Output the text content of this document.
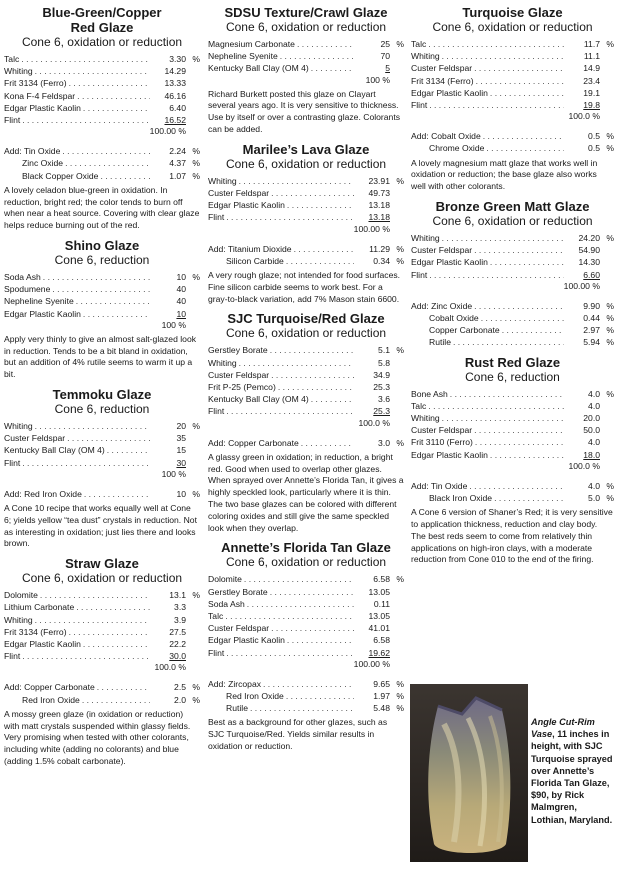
Blue-Green/Copper
Red Glaze
Cone 6, oxidation or reduction
Talc . . .	3.30 %
Whiting . . .	14.29
Frit 3134 (Ferro) . . .	13.33
Kona F-4 Feldspar . . .	46.16
Edgar Plastic Kaolin . . .	6.40
Flint . . .	16.52
100.00 %
Add: Tin Oxide . . .	2.24 %
Zinc Oxide . . .	4.37 %
Black Copper Oxide . . .	1.07 %
A lovely celadon blue-green in oxidation. In reduction, bright red; the color tends to burn off when near a heat source. Covering with clear glaze helps reduce burning out of the red.
Shino Glaze
Cone 6, reduction
Soda Ash . . .	10 %
Spodumene . . .	40
Nepheline Syenite . . .	40
Edgar Plastic Kaolin . . .	10
100 %
Apply very thinly to give an almost salt-glazed look in reduction. Tends to be a bit bland in oxidation, but an addition of 4% rutile seems to warm it up a bit.
Temmoku Glaze
Cone 6, reduction
Whiting . . .	20 %
Custer Feldspar . . .	35
Kentucky Ball Clay (OM 4) . . .	15
Flint . . .	30
100 %
Add: Red Iron Oxide . . .	10 %
A Cone 10 recipe that works equally well at Cone 6; yields yellow “tea dust” crystals in reduction. Not as interesting in oxidation; just lies there and looks brown.
Straw Glaze
Cone 6, oxidation or reduction
Dolomite . . .	13.1 %
Lithium Carbonate . . .	3.3
Whiting . . .	3.9
Frit 3134 (Ferro) . . .	27.5
Edgar Plastic Kaolin . . .	22.2
Flint . . .	30.0
100.0 %
Add: Copper Carbonate . . .	2.5 %
Red Iron Oxide . . .	2.0 %
A mossy green glaze (in oxidation or reduction) with matt crystals suspended within glassy fields. Very promising when tested with other colorants, including white (adding no colorants) and blue (adding 1.5% cobalt carbonate).
SDSU Texture/Crawl Glaze
Cone 6, oxidation or reduction
Magnesium Carbonate . . .	25 %
Nepheline Syenite . . .	70
Kentucky Ball Clay (OM 4) . . .	5
100 %
Richard Burkett posted this glaze on Clayart several years ago. It is very sensitive to thickness. Use by itself or over a contrasting glaze. Colorants can be added.
Marilee’s Lava Glaze
Cone 6, oxidation or reduction
Whiting . . .	23.91 %
Custer Feldspar . . .	49.73
Edgar Plastic Kaolin . . .	13.18
Flint . . .	13.18
100.00 %
Add: Titanium Dioxide . . .	11.29 %
Silicon Carbide . . .	0.34 %
A very rough glaze; not intended for food surfaces. Fine silicon carbide seems to work best. For a gray-to-black variation, add 7% Mason stain 6600.
SJC Turquoise/Red Glaze
Cone 6, oxidation or reduction
Gerstley Borate . . .	5.1 %
Whiting . . .	5.8
Custer Feldspar . . .	34.9
Frit P-25 (Pemco) . . .	25.3
Kentucky Ball Clay (OM 4) . . .	3.6
Flint . . .	25.3
100.0 %
Add: Copper Carbonate . . .	3.0 %
A glassy green in oxidation; in reduction, a bright red. Good when used to overlap other glazes. When sprayed over Annette’s Florida Tan, it gives a highly speckled look, particularly where it is thin. The two base glazes can be colored with different coloring oxides and still give the same speckled look when they overlap.
Annette’s Florida Tan Glaze
Cone 6, oxidation or reduction
Dolomite . . .	6.58 %
Gerstley Borate . . .	13.05
Soda Ash . . .	0.11
Talc . . .	13.05
Custer Feldspar . . .	41.01
Edgar Plastic Kaolin . . .	6.58
Flint . . .	19.62
100.00 %
Add: Zircopax . . .	9.65 %
Red Iron Oxide . . .	1.97 %
Rutile . . .	5.48 %
Best as a background for other glazes, such as SJC Turquoise/Red. Yields similar results in oxidation or reduction.
Turquoise Glaze
Cone 6, oxidation or reduction
Talc . . .	11.7 %
Whiting . . .	11.1
Custer Feldspar . . .	14.9
Frit 3134 (Ferro) . . .	23.4
Edgar Plastic Kaolin . . .	19.1
Flint . . .	19.8
100.0 %
Add: Cobalt Oxide . . .	0.5 %
Chrome Oxide . . .	0.5 %
A lovely magnesium matt glaze that works well in oxidation or reduction; the base glaze also works well with other colorants.
Bronze Green Matt Glaze
Cone 6, oxidation or reduction
Whiting . . .	24.20 %
Custer Feldspar . . .	54.90
Edgar Plastic Kaolin . . .	14.30
Flint . . .	6.60
100.00 %
Add: Zinc Oxide . . .	9.90 %
Cobalt Oxide . . .	0.44 %
Copper Carbonate . . .	2.97 %
Rutile . . .	5.94 %
Rust Red Glaze
Cone 6, reduction
Bone Ash . . .	4.0 %
Talc . . .	4.0
Whiting . . .	20.0
Custer Feldspar . . .	50.0
Frit 3110 (Ferro) . . .	4.0
Edgar Plastic Kaolin . . .	18.0
100.0 %
Add: Tin Oxide . . .	4.0 %
Black Iron Oxide . . .	5.0 %
A Cone 6 version of Shaner’s Red; it is very sensitive to application thickness, reduction and clay body. The best reds seem to come from relatively thin applications on high-iron clays, with a moderate reduction from Cone 010 to the end of the firing.
Angle Cut-Rim Vase, 11 inches in height, with SJC Turquoise sprayed over Annette’s Florida Tan Glaze, $90, by Rick Malmgren, Lothian, Maryland.
